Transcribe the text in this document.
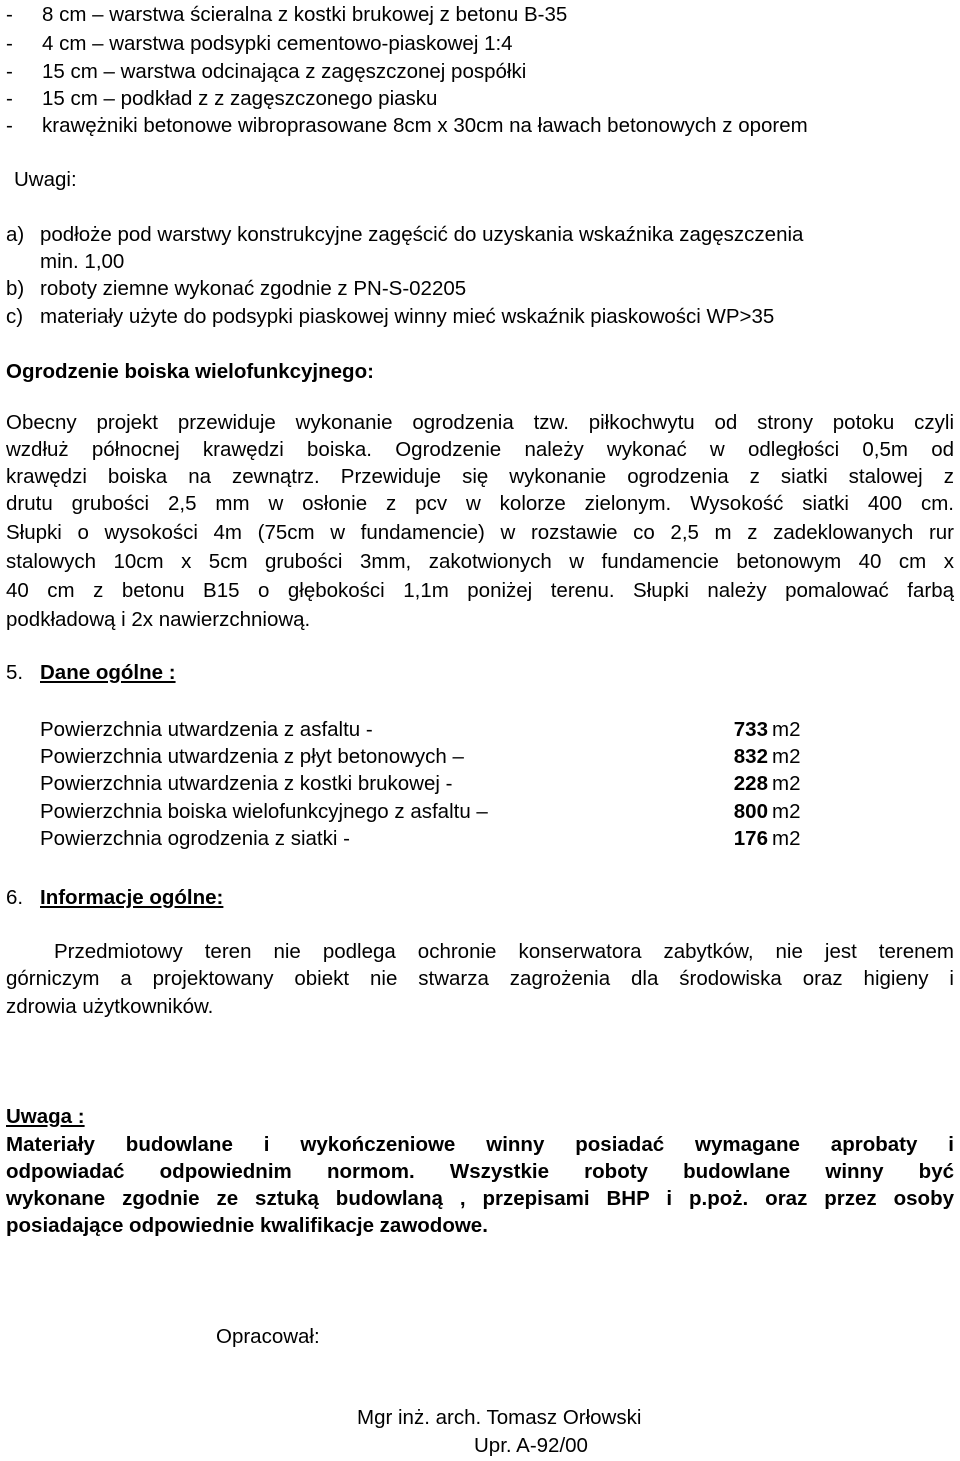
- 8 cm – warstwa ścieralna z kostki brukowej z betonu B-35
- 4 cm – warstwa podsypki cementowo-piaskowej 1:4
- 15 cm – warstwa odcinająca z zagęszczonej pospółki
- 15 cm – podkład z z zagęszczonego piasku
- krawężniki betonowe wibroprasowane 8cm x 30cm na ławach betonowych z oporem
Uwagi:
a) podłoże pod warstwy konstrukcyjne zagęścić do uzyskania wskaźnika zagęszczenia
min. 1,00
b) roboty ziemne wykonać zgodnie z PN-S-02205
c) materiały użyte do podsypki piaskowej winny mieć wskaźnik piaskowości WP>35
Ogrodzenie boiska wielofunkcyjnego:
Obecny projekt przewiduje wykonanie ogrodzenia tzw. piłkochwytu od strony potoku czyli
wzdłuż północnej krawędzi boiska. Ogrodzenie należy wykonać w odległości 0,5m od
krawędzi boiska na zewnątrz. Przewiduje się wykonanie ogrodzenia z siatki stalowej z
drutu grubości 2,5 mm w osłonie z pcv w kolorze zielonym. Wysokość siatki 400 cm.
Słupki o wysokości 4m (75cm w fundamencie) w rozstawie co 2,5 m z zadeklowanych rur
stalowych 10cm x 5cm grubości 3mm, zakotwionych w fundamencie betonowym 40 cm x
40 cm z betonu B15 o głębokości 1,1m poniżej terenu. Słupki należy pomalować farbą
podkładową i 2x nawierzchniową.
5. Dane ogólne :
Powierzchnia utwardzenia z asfaltu -	733 m2
Powierzchnia utwardzenia z płyt betonowych –	832 m2
Powierzchnia utwardzenia z kostki brukowej -	228 m2
Powierzchnia boiska wielofunkcyjnego z asfaltu –	800 m2
Powierzchnia ogrodzenia z siatki -	176 m2
6. Informacje ogólne:
Przedmiotowy teren nie podlega ochronie konserwatora zabytków, nie jest terenem
górniczym a projektowany obiekt nie stwarza zagrożenia dla środowiska oraz higieny i
zdrowia użytkowników.
Uwaga :
Materiały budowlane i wykończeniowe winny posiadać wymagane aprobaty i
odpowiadać odpowiednim normom. Wszystkie roboty budowlane winny być
wykonane zgodnie ze sztuką budowlaną , przepisami BHP i p.poż. oraz przez osoby
posiadające odpowiednie kwalifikacje zawodowe.
Opracował:
Mgr inż. arch. Tomasz Orłowski
Upr. A-92/00
